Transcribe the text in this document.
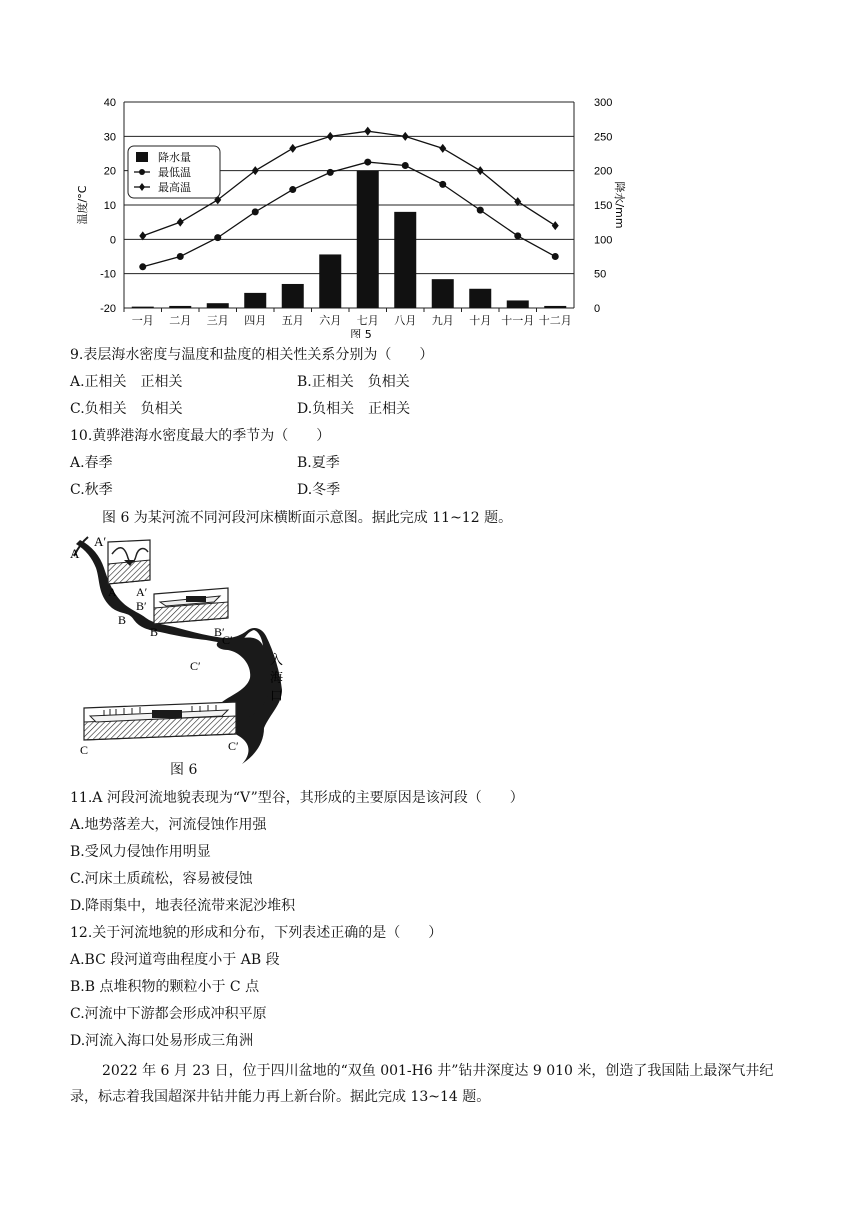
40	300
30	250
20	200
10	150
0	100
-10	50
-20	0
温度/°C	降水/mm
一月 二月 三月 四月 五月 六月 七月 八月 九月 十月 十一月 十二月
图 5
降水量
最低温
最高温
9.表层海水密度与温度和盐度的相关性关系分别为（　　）
A.正相关　正相关	B.正相关　负相关
C.负相关　负相关	D.负相关　正相关
10.黄骅港海水密度最大的季节为（　　）
A.春季	B.夏季
C.秋季	D.冬季
图 6 为某河流不同河段河床横断面示意图。据此完成 11~12 题。
A
A′
A A′
B′
B
B	B′
C′
C′
C	C′
入
海
口
图 6
11.A 河段河流地貌表现为“V”型谷，其形成的主要原因是该河段（　　）
A.地势落差大，河流侵蚀作用强
B.受风力侵蚀作用明显
C.河床土质疏松，容易被侵蚀
D.降雨集中，地表径流带来泥沙堆积
12.关于河流地貌的形成和分布，下列表述正确的是（　　）
A.BC 段河道弯曲程度小于 AB 段
B.B 点堆积物的颗粒小于 C 点
C.河流中下游都会形成冲积平原
D.河流入海口处易形成三角洲
2022 年 6 月 23 日，位于四川盆地的“双鱼 001-H6 井”钻井深度达 9 010 米，创造了我国陆上最深气井纪录，标志着我国超深井钻井能力再上新台阶。据此完成 13~14 题。
